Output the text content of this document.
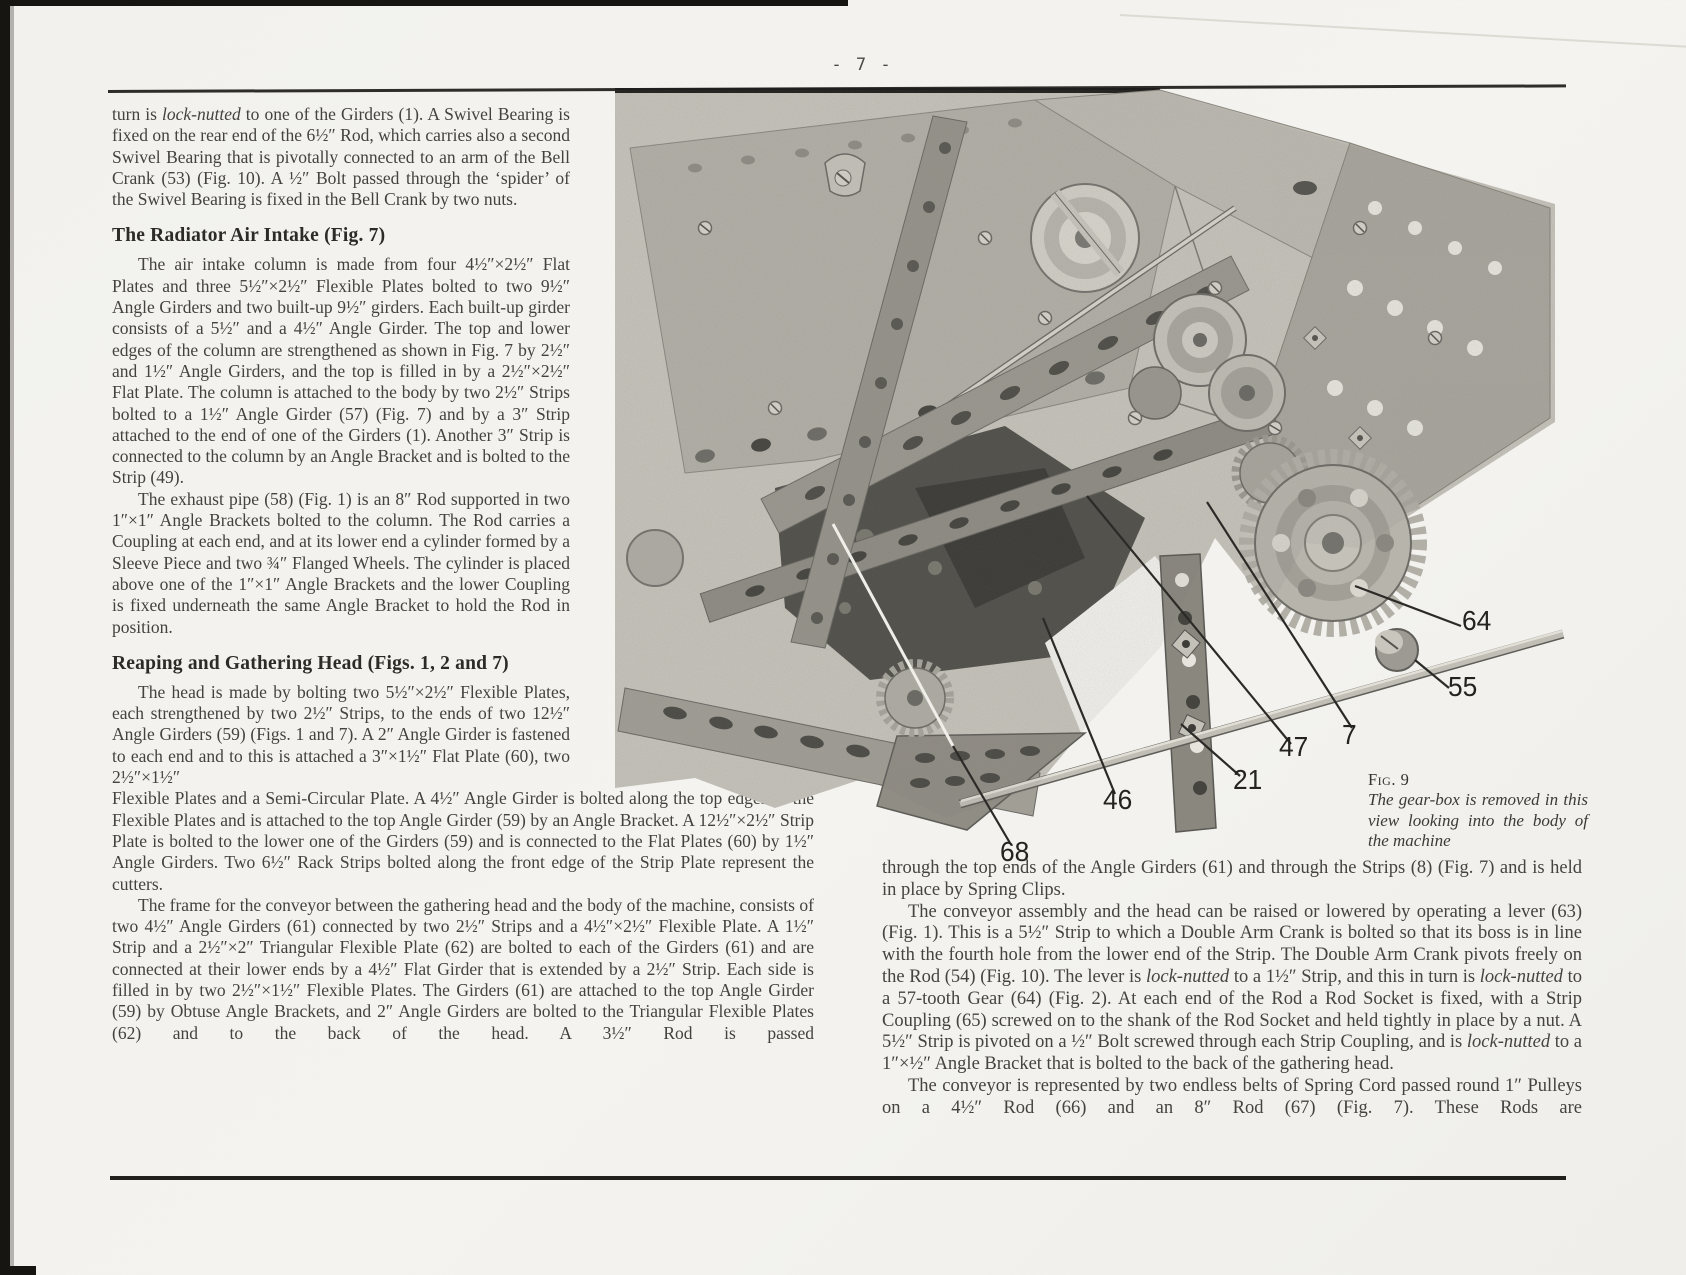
- 7 -

turn is lock-nutted to one of the Girders (1). A Swivel Bearing is fixed on the rear end of the 6½″ Rod, which carries also a second Swivel Bearing that is pivotally connected to an arm of the Bell Crank (53) (Fig. 10). A ½″ Bolt passed through the ‘spider’ of the Swivel Bearing is fixed in the Bell Crank by two nuts.

The Radiator Air Intake (Fig. 7)

The air intake column is made from four 4½″×2½″ Flat Plates and three 5½″×2½″ Flexible Plates bolted to two 9½″ Angle Girders and two built-up 9½″ girders. Each built-up girder consists of a 5½″ and a 4½″ Angle Girder. The top and lower edges of the column are strengthened as shown in Fig. 7 by 2½″ and 1½″ Angle Girders, and the top is filled in by a 2½″×2½″ Flat Plate. The column is attached to the body by two 2½″ Strips bolted to a 1½″ Angle Girder (57) (Fig. 7) and by a 3″ Strip attached to the end of one of the Girders (1). Another 3″ Strip is connected to the column by an Angle Bracket and is bolted to the Strip (49).

The exhaust pipe (58) (Fig. 1) is an 8″ Rod supported in two 1″×1″ Angle Brackets bolted to the column. The Rod carries a Coupling at each end, and at its lower end a cylinder formed by a Sleeve Piece and two ¾″ Flanged Wheels. The cylinder is placed above one of the 1″×1″ Angle Brackets and the lower Coupling is fixed underneath the same Angle Bracket to hold the Rod in position.

Reaping and Gathering Head (Figs. 1, 2 and 7)

The head is made by bolting two 5½″×2½″ Flexible Plates, each strengthened by two 2½″ Strips, to the ends of two 12½″ Angle Girders (59) (Figs. 1 and 7). A 2″ Angle Girder is fastened to each end and to this is attached a 3″×1½″ Flat Plate (60), two 2½″×1½″

Flexible Plates and a Semi-Circular Plate. A 4½″ Angle Girder is bolted along the top edges of the Flexible Plates and is attached to the top Angle Girder (59) by an Angle Bracket. A 12½″×2½″ Strip Plate is bolted to the lower one of the Girders (59) and is connected to the Flat Plates (60) by 1½″ Angle Girders. Two 6½″ Rack Strips bolted along the front edge of the Strip Plate represent the cutters.

The frame for the conveyor between the gathering head and the body of the machine, consists of two 4½″ Angle Girders (61) connected by two 2½″ Strips and a 4½″×2½″ Flexible Plate. A 1½″ Strip and a 2½″×2″ Triangular Flexible Plate (62) are bolted to each of the Girders (61) and are connected at their lower ends by a 4½″ Flat Girder that is extended by a 2½″ Strip. Each side is filled in by two 2½″×1½″ Flexible Plates. The Girders (61) are attached to the top Angle Girder (59) by Obtuse Angle Brackets, and 2″ Angle Girders are bolted to the Triangular Flexible Plates (62) and to the back of the head. A 3½″ Rod is passed

64
55
7
47
21
46
68
Fig. 9
The gear-box is removed in this view looking into the body of the machine

through the top ends of the Angle Girders (61) and through the Strips (8) (Fig. 7) and is held in place by Spring Clips.

The conveyor assembly and the head can be raised or lowered by operating a lever (63) (Fig. 1). This is a 5½″ Strip to which a Double Arm Crank is bolted so that its boss is in line with the fourth hole from the lower end of the Strip. The Double Arm Crank pivots freely on the Rod (54) (Fig. 10). The lever is lock-nutted to a 1½″ Strip, and this in turn is lock-nutted to a 57-tooth Gear (64) (Fig. 2). At each end of the Rod a Rod Socket is fixed, with a Strip Coupling (65) screwed on to the shank of the Rod Socket and held tightly in place by a nut. A 5½″ Strip is pivoted on a ½″ Bolt screwed through each Strip Coupling, and is lock-nutted to a 1″×½″ Angle Bracket that is bolted to the back of the gathering head.

The conveyor is represented by two endless belts of Spring Cord passed round 1″ Pulleys on a 4½″ Rod (66) and an 8″ Rod (67) (Fig. 7). These Rods are
